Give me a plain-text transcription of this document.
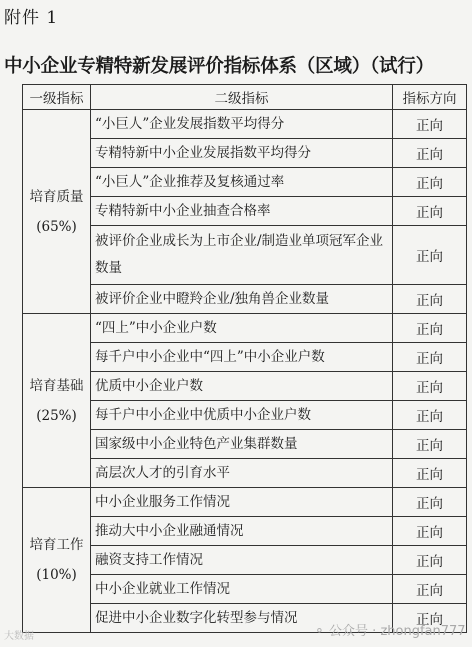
附件 1
中小企业专精特新发展评价指标体系（区域）（试行）
一级指标	二级指标	指标方向

培育质量
(65%)	“小巨人”企业发展指数平均得分	正向
	专精特新中小企业发展指数平均得分	正向
	“小巨人”企业推荐及复核通过率	正向
	专精特新中小企业抽查合格率	正向
	被评价企业成长为上市企业/制造业单项冠军企业数量	正向
	被评价企业中瞪羚企业/独角兽企业数量	正向

培育基础
(25%)	“四上”中小企业户数	正向
	每千户中小企业中“四上”中小企业户数	正向
	优质中小企业户数	正向
	每千户中小企业中优质中小企业户数	正向
	国家级中小企业特色产业集群数量	正向
	高层次人才的引育水平	正向

培育工作
(10%)	中小企业服务工作情况	正向
	推动大中小企业融通情况	正向
	融资支持工作情况	正向
	中小企业就业工作情况	正向
	促进中小企业数字化转型参与情况	正向
大数据	⚬ 公众号 · zhongfan777
